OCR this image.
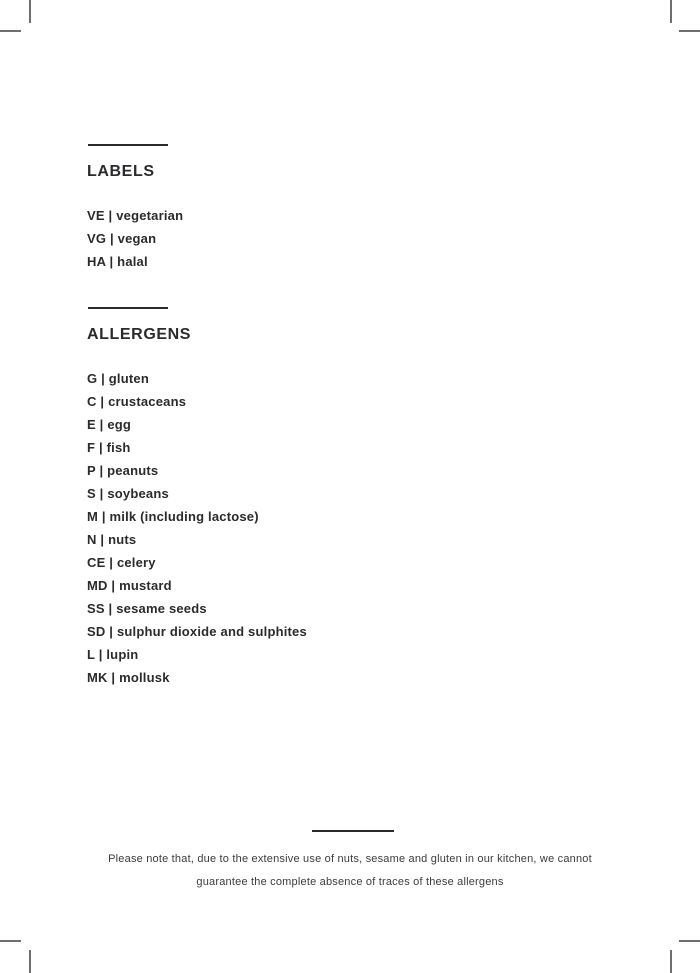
LABELS
VE | vegetarian
VG | vegan
HA | halal
ALLERGENS
G | gluten
C | crustaceans
E | egg
F | fish
P | peanuts
S | soybeans
M | milk (including lactose)
N | nuts
CE | celery
MD | mustard
SS | sesame seeds
SD | sulphur dioxide and sulphites
L | lupin
MK | mollusk
Please note that, due to the extensive use of nuts, sesame and gluten in our kitchen, we cannot
guarantee the complete absence of traces of these allergens
